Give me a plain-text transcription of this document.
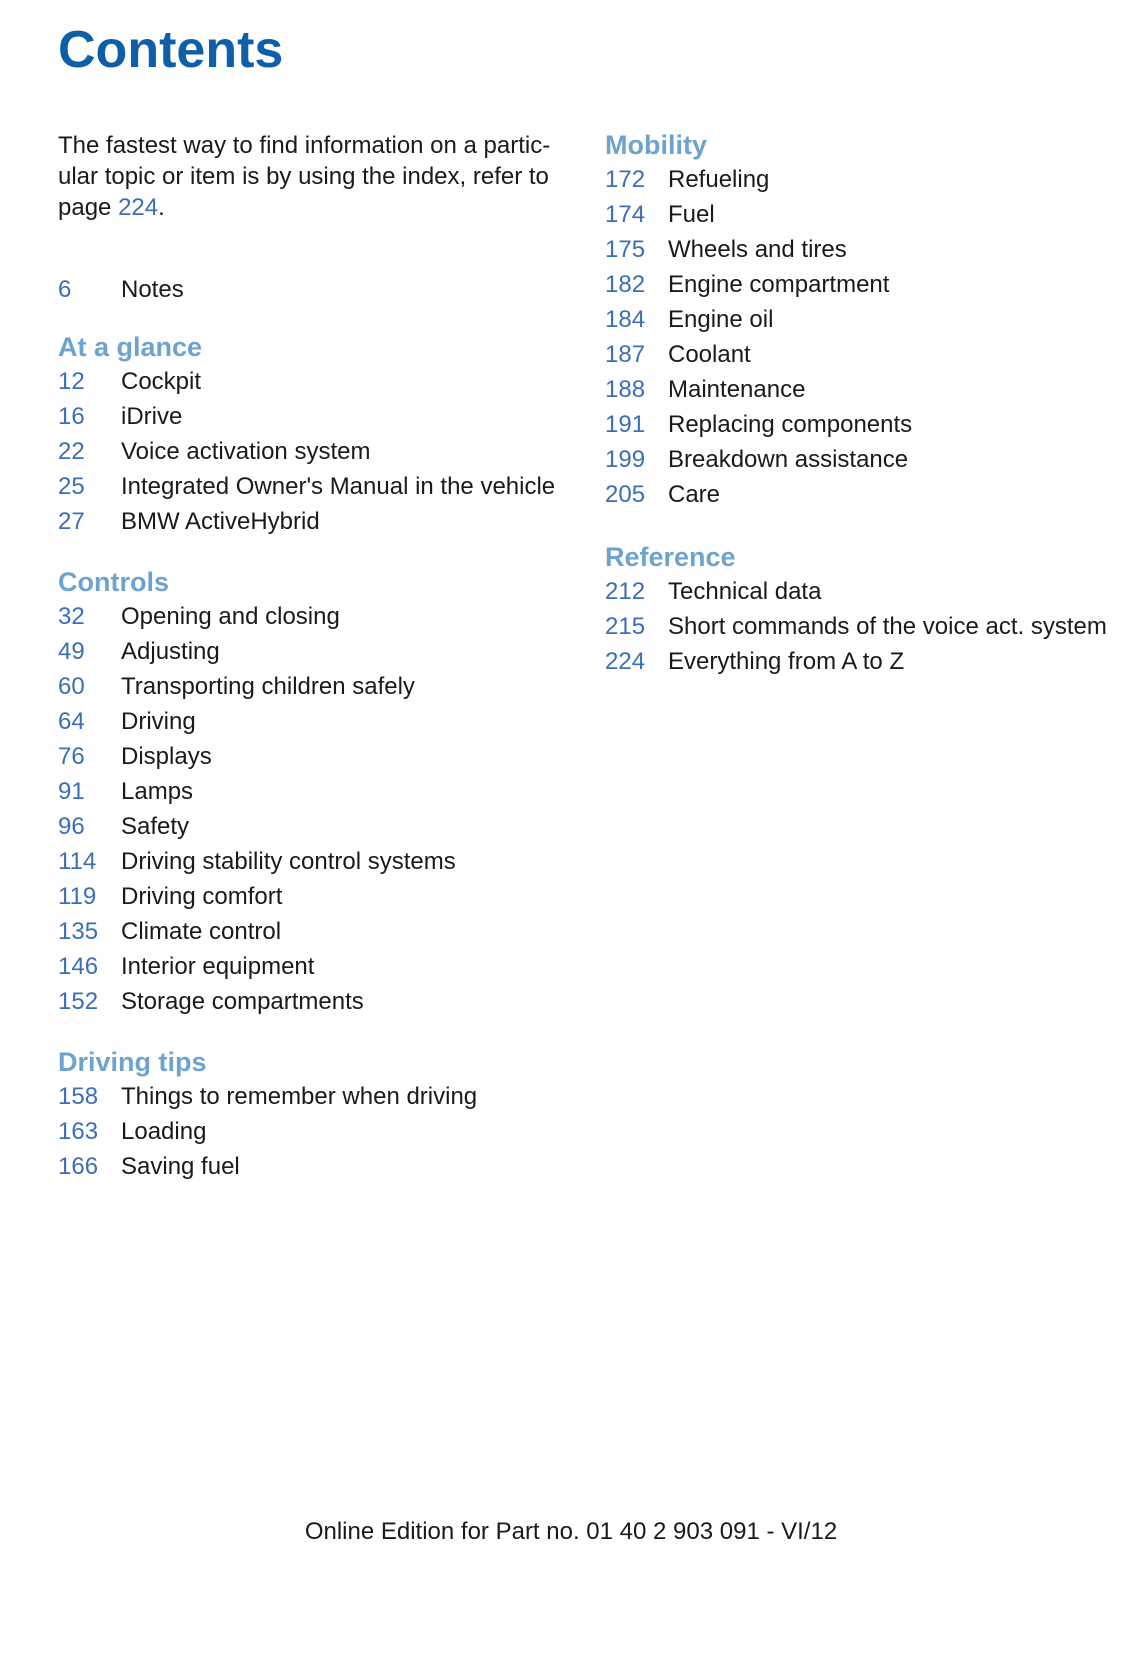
Contents

The fastest way to find information on a particular topic or item is by using the index, refer to page 224.

6	Notes
At a glance
12	Cockpit
16	iDrive
22	Voice activation system
25	Integrated Owner's Manual in the vehicle
27	BMW ActiveHybrid
Controls
32	Opening and closing
49	Adjusting
60	Transporting children safely
64	Driving
76	Displays
91	Lamps
96	Safety
114	Driving stability control systems
119	Driving comfort
135 Climate control
146 Interior equipment
152 Storage compartments
Driving tips
158 Things to remember when driving
163 Loading
166 Saving fuel
Mobility
172 Refueling
174 Fuel
175 Wheels and tires
182 Engine compartment
184 Engine oil
187 Coolant
188 Maintenance
191 Replacing components
199 Breakdown assistance
205 Care
Reference
212 Technical data
215 Short commands of the voice act. system
224 Everything from A to Z

Online Edition for Part no. 01 40 2 903 091 - VI/12
